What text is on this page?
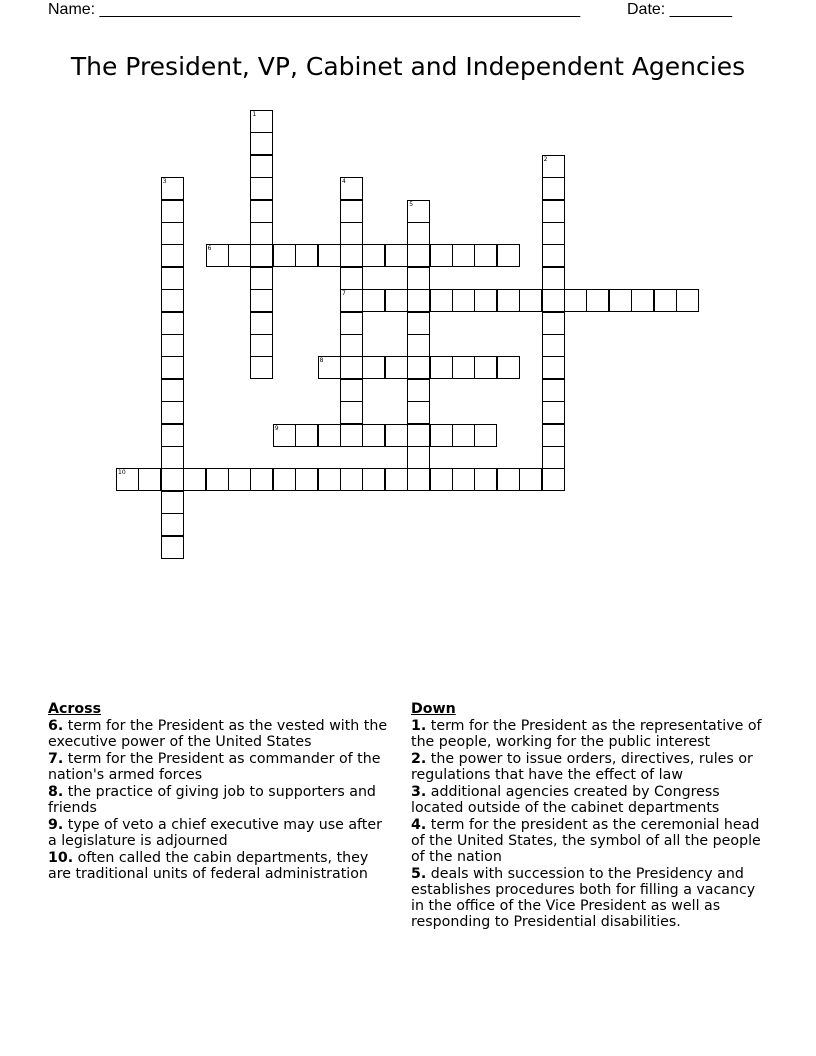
Name: ______________________________________________________	Date: _______
The President, VP, Cabinet and Independent Agencies
1
2
3	4
7
5
6
8
9
10
Across
6. term for the President as the vested with the executive power of the United States
7. term for the President as commander of the nation's armed forces
8. the practice of giving job to supporters and friends
9. type of veto a chief executive may use after a legislature is adjourned
10. often called the cabin departments, they are traditional units of federal administration
Down
1. term for the President as the representative of the people, working for the public interest
2. the power to issue orders, directives, rules or regulations that have the effect of law
3. additional agencies created by Congress located outside of the cabinet departments
4. term for the president as the ceremonial head of the United States, the symbol of all the people of the nation
5. deals with succession to the Presidency and establishes procedures both for filling a vacancy in the office of the Vice President as well as responding to Presidential disabilities.
